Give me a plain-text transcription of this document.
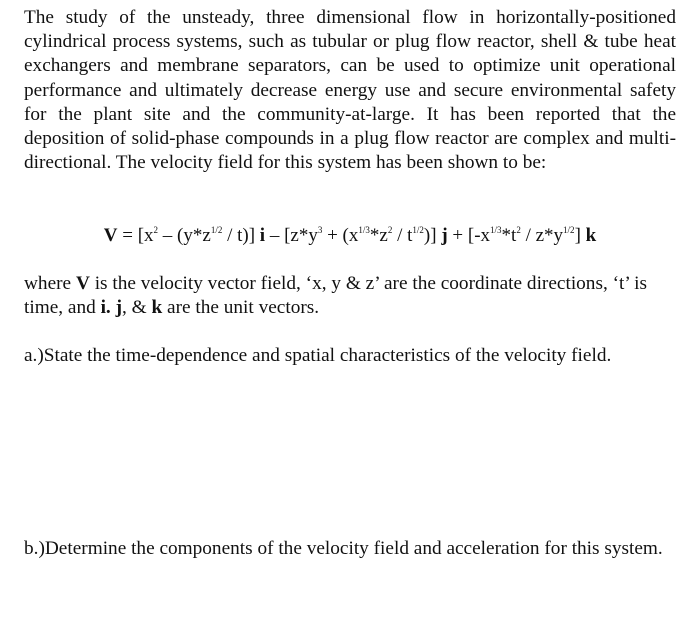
The study of the unsteady, three dimensional flow in horizontally-positioned cylindrical process systems, such as tubular or plug flow reactor, shell & tube heat exchangers and membrane separators, can be used to optimize unit operational performance and ultimately decrease energy use and secure environmental safety for the plant site and the community-at-large. It has been reported that the deposition of solid-phase compounds in a plug flow reactor are complex and multi-directional. The velocity field for this system has been shown to be:

$V = [x^2 - (y*z^{1/2} / t)]$ $i - [z*y^3 + (x^{1/3}*z^2 / t^{1/2})] j + [-x^{1/3}*t^2 / z*y^{1/2}]$ k

where V is the velocity vector field, ‘x, y & z’ are the coordinate directions, ‘t’ is time, and i. j, & k are the unit vectors.

a.)State the time-dependence and spatial characteristics of the velocity field.

b.)Determine the components of the velocity field and acceleration for this system.
